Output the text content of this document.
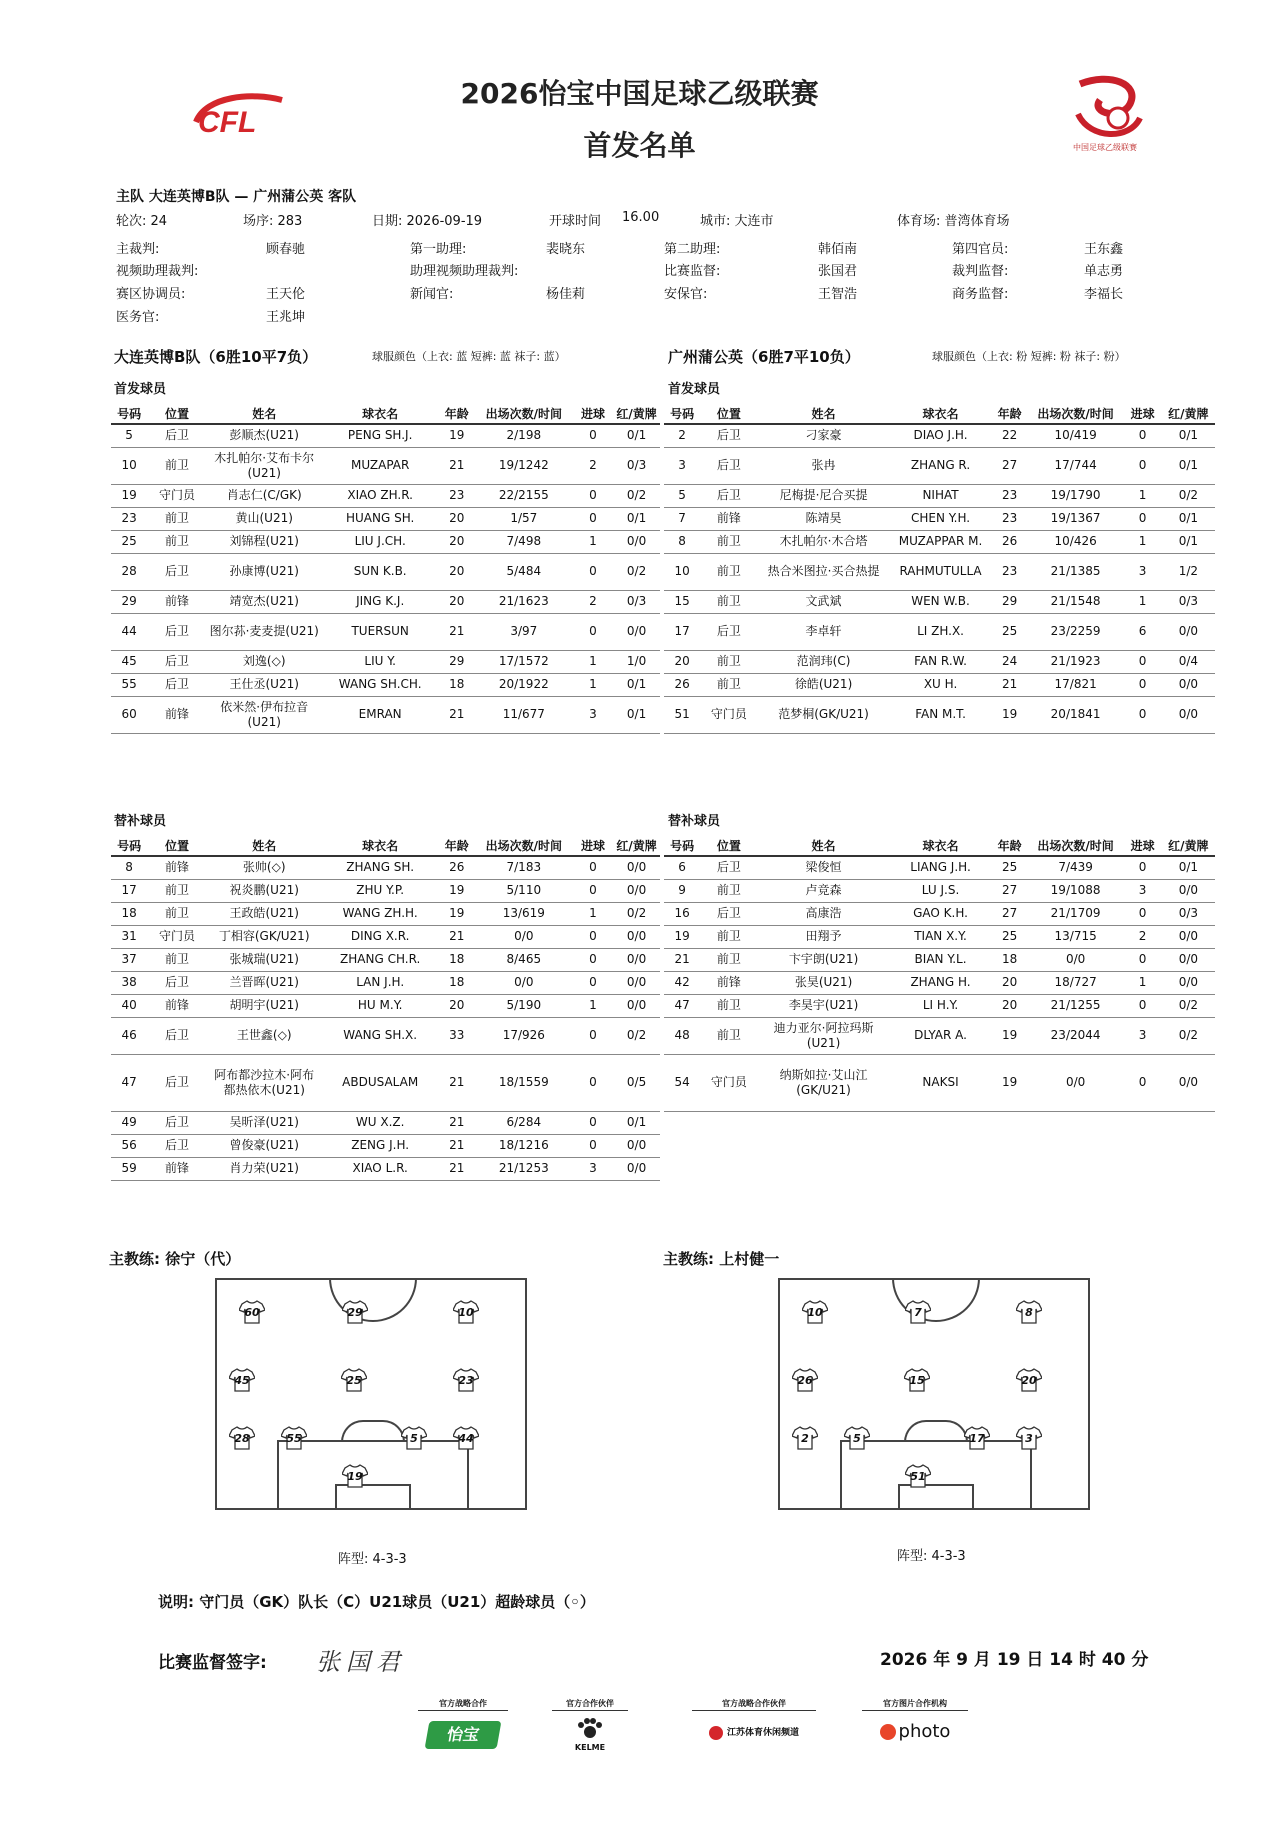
2026怡宝中国足球乙级联赛
首发名单
CFL
中国足球乙级联赛
主队 大连英博B队 — 广州蒲公英 客队
轮次: 24	场序: 283	日期: 2026-09-19	开球时间 16.00	城市: 大连市	体育场: 普湾体育场
主裁判:	顾春驰	第一助理:	裴晓东	第二助理:	韩佰南	第四官员:	王东鑫
视频助理裁判:	助理视频助理裁判:	比赛监督:	张国君	裁判监督:	单志勇
赛区协调员:	王天伦	新闻官:	杨佳莉	安保官:	王智浩	商务监督:	李福长
医务官:	王兆坤
大连英博B队（6胜10平7负）	球服颜色（上衣: 蓝 短裤: 蓝 袜子: 蓝）	广州蒲公英（6胜7平10负）	球服颜色（上衣: 粉 短裤: 粉 袜子: 粉）
首发球员	首发球员
号码	位置	姓名	球衣名	年龄	出场次数/时间	进球	红/黄牌
5	后卫	彭顺杰(U21)	PENG SH.J.	19	2/198	0	0/1
10	前卫	木扎帕尔·艾布卡尔(U21)	MUZAPAR	21	19/1242	2	0/3
19	守门员	肖志仁(C/GK)	XIAO ZH.R.	23	22/2155	0	0/2
23	前卫	黄山(U21)	HUANG SH.	20	1/57	0	0/1
25	前卫	刘锦程(U21)	LIU J.CH.	20	7/498	1	0/0
28	后卫	孙康博(U21)	SUN K.B.	20	5/484	0	0/2
29	前锋	靖宽杰(U21)	JING K.J.	20	21/1623	2	0/3
44	后卫	图尔荪·麦麦提(U21)	TUERSUN	21	3/97	0	0/0
45	后卫	刘逸(◇)	LIU Y.	29	17/1572	1	1/0
55	后卫	王仕丞(U21)	WANG SH.CH.	18	20/1922	1	0/1
60	前锋	依米然·伊布拉音(U21)	EMRAN	21	11/677	3	0/1
号码	位置	姓名	球衣名	年龄	出场次数/时间	进球	红/黄牌
2	后卫	刁家豪	DIAO J.H.	22	10/419	0	0/1
3	后卫	张冉	ZHANG R.	27	17/744	0	0/1
5	后卫	尼梅提·尼合买提	NIHAT	23	19/1790	1	0/2
7	前锋	陈靖昊	CHEN Y.H.	23	19/1367	0	0/1
8	前卫	木扎帕尔·木合塔	MUZAPPAR M.	26	10/426	1	0/1
10	前卫	热合米图拉·买合热提	RAHMUTULLA	23	21/1385	3	1/2
15	前卫	文武斌	WEN W.B.	29	21/1548	1	0/3
17	后卫	李卓轩	LI ZH.X.	25	23/2259	6	0/0
20	前卫	范润玮(C)	FAN R.W.	24	21/1923	0	0/4
26	前卫	徐皓(U21)	XU H.	21	17/821	0	0/0
51	守门员	范梦桐(GK/U21)	FAN M.T.	19	20/1841	0	0/0
替补球员	替补球员
号码	位置	姓名	球衣名	年龄	出场次数/时间	进球	红/黄牌
8	前锋	张帅(◇)	ZHANG SH.	26	7/183	0	0/0
17	前卫	祝炎鹏(U21)	ZHU Y.P.	19	5/110	0	0/0
18	前卫	王政皓(U21)	WANG ZH.H.	19	13/619	1	0/2
31	守门员	丁相容(GK/U21)	DING X.R.	21	0/0	0	0/0
37	前卫	张城瑞(U21)	ZHANG CH.R.	18	8/465	0	0/0
38	后卫	兰晋晖(U21)	LAN J.H.	18	0/0	0	0/0
40	前锋	胡明宇(U21)	HU M.Y.	20	5/190	1	0/0
46	后卫	王世鑫(◇)	WANG SH.X.	33	17/926	0	0/2
47	后卫	阿布都沙拉木·阿布都热依木(U21)	ABDUSALAM	21	18/1559	0	0/5
49	后卫	吴昕泽(U21)	WU X.Z.	21	6/284	0	0/1
56	后卫	曾俊豪(U21)	ZENG J.H.	21	18/1216	0	0/0
59	前锋	肖力荣(U21)	XIAO L.R.	21	21/1253	3	0/0
号码	位置	姓名	球衣名	年龄	出场次数/时间	进球	红/黄牌
6	后卫	梁俊恒	LIANG J.H.	25	7/439	0	0/1
9	前卫	卢竞森	LU J.S.	27	19/1088	3	0/0
16	后卫	高康浩	GAO K.H.	27	21/1709	0	0/3
19	前卫	田翔予	TIAN X.Y.	25	13/715	2	0/0
21	前卫	卞宇朗(U21)	BIAN Y.L.	18	0/0	0	0/0
42	前锋	张昊(U21)	ZHANG H.	20	18/727	1	0/0
47	前卫	李昊宇(U21)	LI H.Y.	20	21/1255	0	0/2
48	前卫	迪力亚尔·阿拉玛斯(U21)	DLYAR A.	19	23/2044	3	0/2
54	守门员	纳斯如拉·艾山江(GK/U21)	NAKSI	19	0/0	0	0/0
主教练: 徐宁（代）	主教练: 上村健一
60	29	10
45	25	23
28	55	5	44
19
10	7	8
26	15	20
2	5	17	3
51
阵型: 4-3-3	阵型: 4-3-3
说明: 守门员（GK）队长（C）U21球员（U21）超龄球员（◦）
比赛监督签字: 张国君	2026 年 9 月 19 日 14 时 40 分
官方战略合作
怡宝
官方合作伙伴
KELME
官方战略合作伙伴
江苏体育休闲频道
官方图片合作机构
photo
